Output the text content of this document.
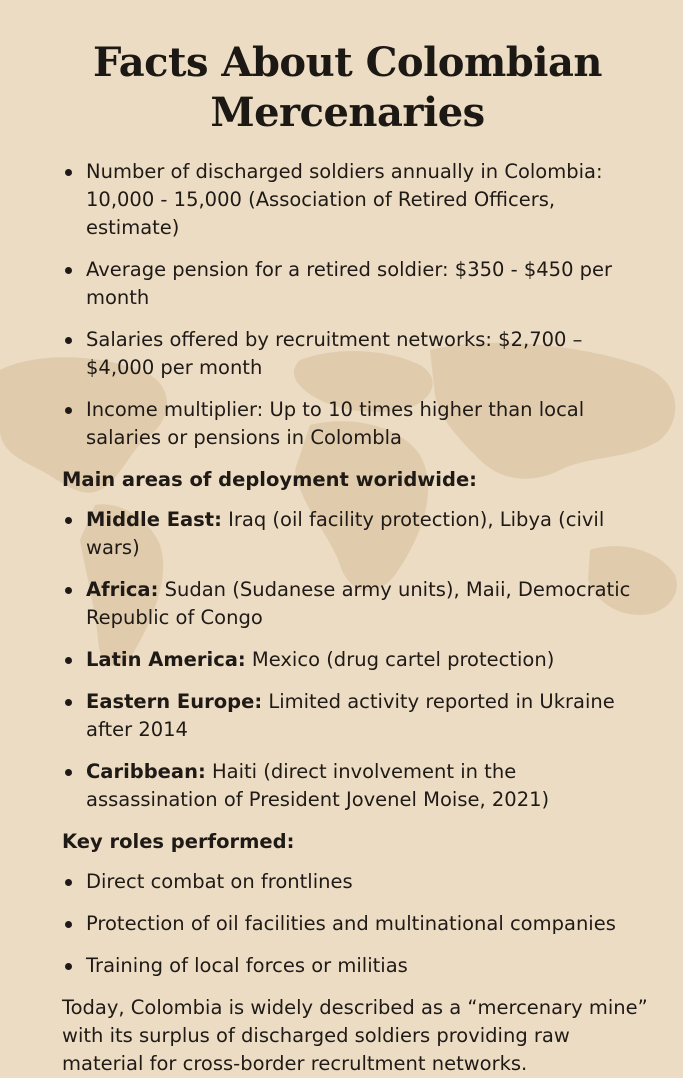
Facts About Colombian Mercenaries
Number of discharged soldiers annually in Colombia: 10,000 - 15,000 (Association of Retired Officers, estimate)
Average pension for a retired soldier: $350 - $450 per month
Salaries offered by recruitment networks: $2,700 – $4,000 per month
Income multiplier: Up to 10 times higher than local salaries or pensions in Colombla
Main areas of deployment woridwide:
Middle East: Iraq (oil facility protection), Libya (civil wars)
Africa: Sudan (Sudanese army units), Maii, Democratic Republic of Congo
Latin America: Mexico (drug cartel protection)
Eastern Europe: Limited activity reported in Ukraine after 2014
Caribbean: Haiti (direct involvement in the assassination of President Jovenel Moise, 2021)
Key roles performed:
Direct combat on frontlines
Protection of oil facilities and multinational companies
Training of local forces or militias
Today, Colombia is widely described as a “mercenary mine” with its surplus of discharged soldiers providing raw material for cross-border recrultment networks.
